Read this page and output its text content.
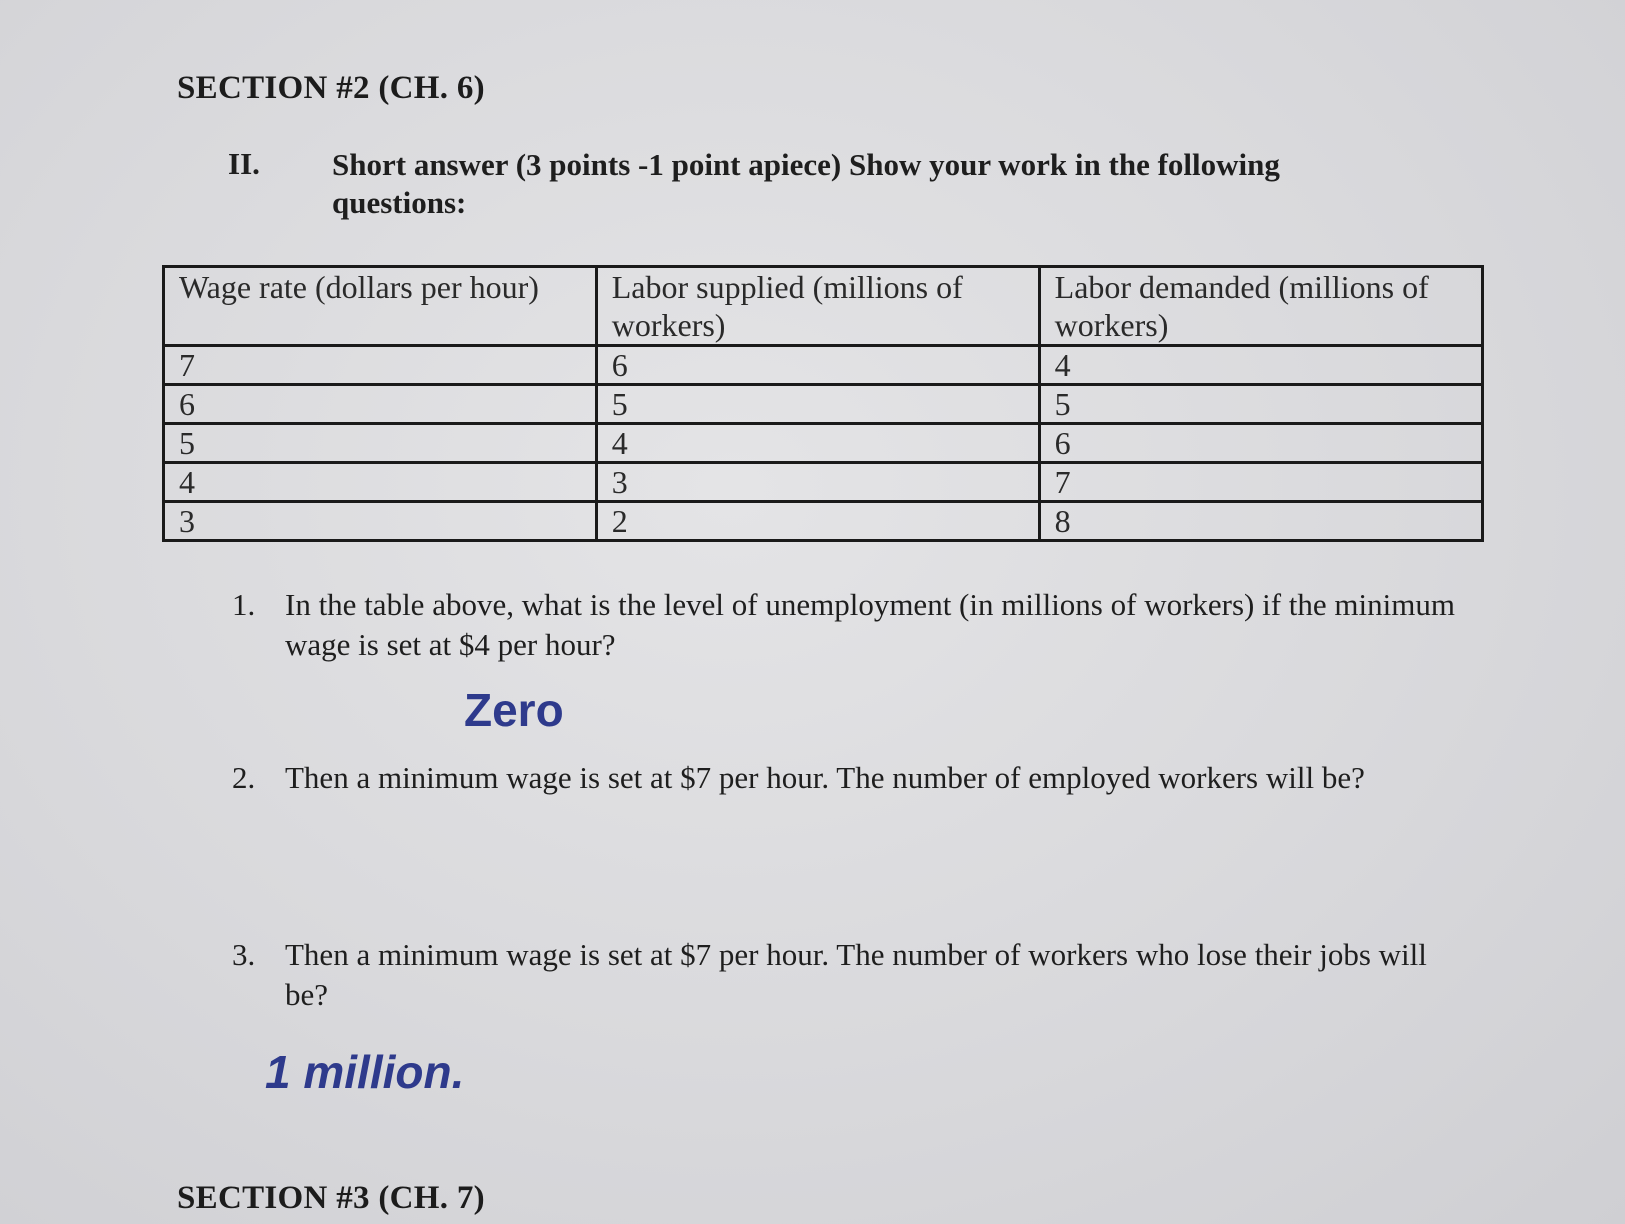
SECTION #2 (CH. 6)
II. Short answer (3 points -1 point apiece) Show your work in the following questions:
Wage rate (dollars per hour)	Labor supplied (millions of workers)	Labor demanded (millions of workers)
7	6	4
6	5	5
5	4	6
4	3	7
3	2	8
1. In the table above, what is the level of unemployment (in millions of workers) if the minimum wage is set at $4 per hour?
Zero
2. Then a minimum wage is set at $7 per hour. The number of employed workers will be?
3. Then a minimum wage is set at $7 per hour. The number of workers who lose their jobs will be?
1 million.
SECTION #3 (CH. 7)
